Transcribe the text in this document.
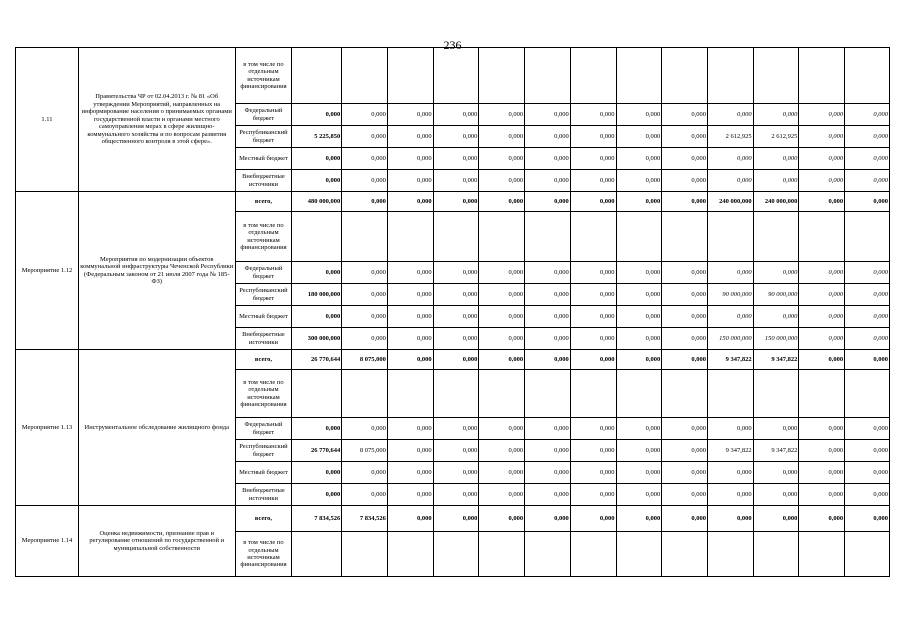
236
1.11	Правительства ЧР от 02.04.2013 г. № 81 «Об утверждении Мероприятий, направленных на информирование населения о принимаемых органами государственной власти и органами местного самоуправления мерах в сфере жилищно-коммунального хозяйства и по вопросам развития общественного контроля в этой сфере».	в том числе по отдельным источникам финансирования													
		Федеральный бюджет	0,000	0,000	0,000	0,000	0,000	0,000	0,000	0,000	0,000	0,000	0,000	0,000	0,000
		Республиканский бюджет	5 225,850	0,000	0,000	0,000	0,000	0,000	0,000	0,000	0,000	2 612,925	2 612,925	0,000	0,000
		Местный бюджет	0,000	0,000	0,000	0,000	0,000	0,000	0,000	0,000	0,000	0,000	0,000	0,000	0,000
		Внебюджетные источники	0,000	0,000	0,000	0,000	0,000	0,000	0,000	0,000	0,000	0,000	0,000	0,000	0,000
Мероприятие 1.12	Мероприятия по модернизации объектов коммунальной инфраструктуры Чеченской Республики (Федеральным законом от 21 июля 2007 года № 185-ФЗ)	всего,	480 000,000	0,000	0,000	0,000	0,000	0,000	0,000	0,000	0,000	240 000,000	240 000,000	0,000	0,000
		в том числе по отдельным источникам финансирования													
		Федеральный бюджет	0,000	0,000	0,000	0,000	0,000	0,000	0,000	0,000	0,000	0,000	0,000	0,000	0,000
		Республиканский бюджет	180 000,000	0,000	0,000	0,000	0,000	0,000	0,000	0,000	0,000	90 000,000	90 000,000	0,000	0,000
		Местный бюджет	0,000	0,000	0,000	0,000	0,000	0,000	0,000	0,000	0,000	0,000	0,000	0,000	0,000
		Внебюджетные источники	300 000,000	0,000	0,000	0,000	0,000	0,000	0,000	0,000	0,000	150 000,000	150 000,000	0,000	0,000
Мероприятие 1.13	Инструментальное обследование жилищного фонда	всего,	26 770,644	8 075,000	0,000	0,000	0,000	0,000	0,000	0,000	0,000	9 347,822	9 347,822	0,000	0,000
		в том числе по отдельным источникам финансирования													
		Федеральный бюджет	0,000	0,000	0,000	0,000	0,000	0,000	0,000	0,000	0,000	0,000	0,000	0,000	0,000
		Республиканский бюджет	26 770,644	8 075,000	0,000	0,000	0,000	0,000	0,000	0,000	0,000	9 347,822	9 347,822	0,000	0,000
		Местный бюджет	0,000	0,000	0,000	0,000	0,000	0,000	0,000	0,000	0,000	0,000	0,000	0,000	0,000
		Внебюджетные источники	0,000	0,000	0,000	0,000	0,000	0,000	0,000	0,000	0,000	0,000	0,000	0,000	0,000
Мероприятие 1.14	Оценка недвижимости, признание прав и регулирование отношений по государственной и муниципальной собственности	всего,	7 834,526	7 834,526	0,000	0,000	0,000	0,000	0,000	0,000	0,000	0,000	0,000	0,000	0,000
		в том числе по отдельным источникам финансирования													
